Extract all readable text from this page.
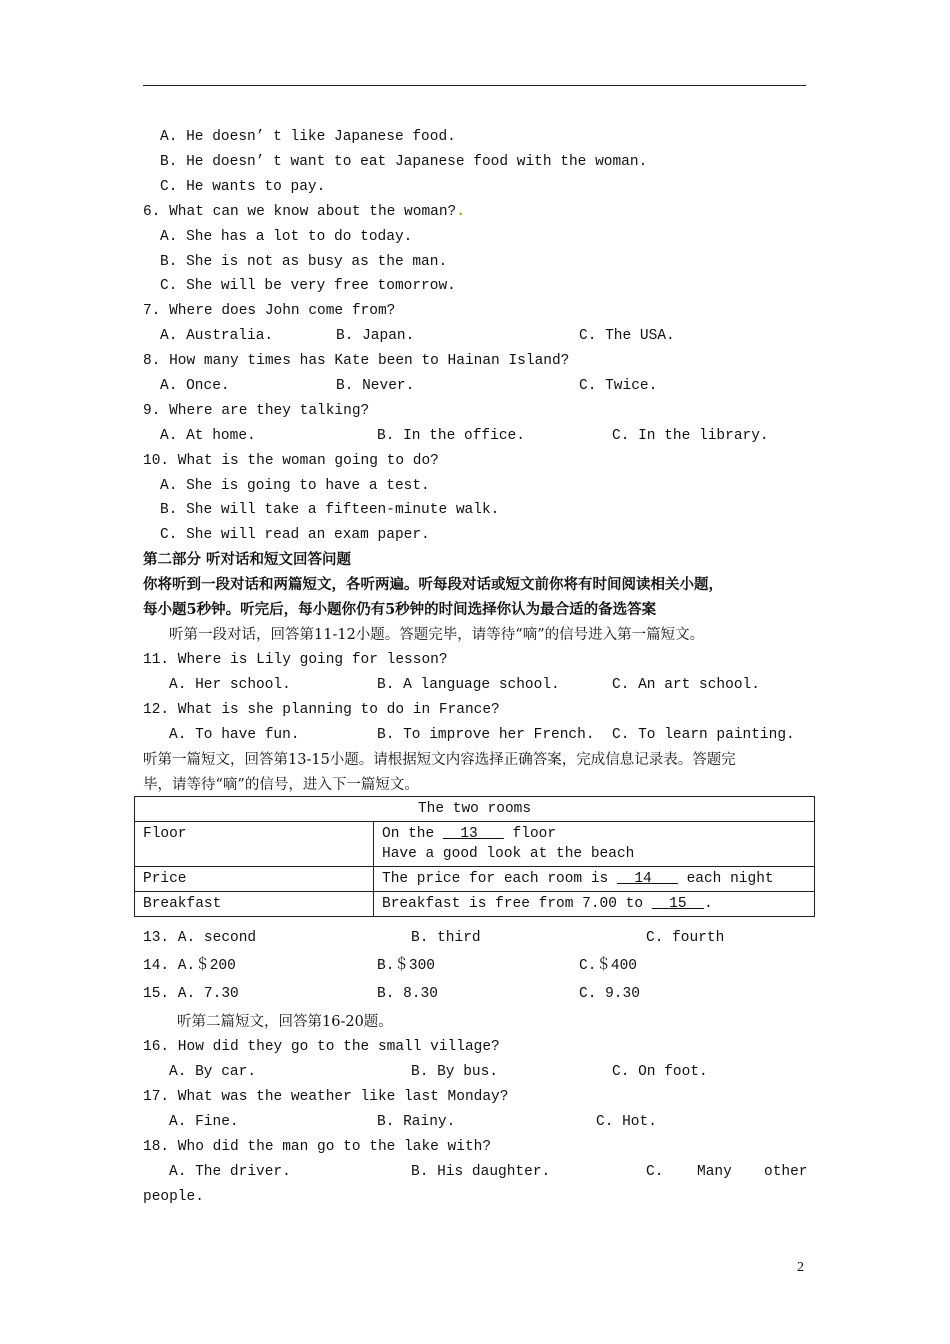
A. He doesn’ t like Japanese food.
B. He doesn’ t want to eat Japanese food with the woman.
C. He wants to pay.
6. What can we know about the woman?.
A. She has a lot to do today.
B. She is not as busy as the man.
C. She will be very free tomorrow.
7. Where does John come from?
A. Australia.	B. Japan.	C. The USA.
8. How many times has Kate been to Hainan Island?
A. Once.	B. Never.	C. Twice.
9. Where are they talking?
A. At home.	B. In the office.	C. In the library.
10. What is the woman going to do?
A. She is going to have a test.
B. She will take a fifteen-minute walk.
C. She will read an exam paper.
第二部分 听对话和短文回答问题
你将听到一段对话和两篇短文，各听两遍。听每段对话或短文前你将有时间阅读相关小题，
每小题5秒钟。听完后，每小题你仍有5秒钟的时间选择你认为最合适的备选答案
听第一段对话，回答第11-12小题。答题完毕，请等待“嘀”的信号进入第一篇短文。
11. Where is Lily going for lesson?
A. Her school.	B. A language school.	C. An art school.
12. What is she planning to do in France?
A. To have fun.	B. To improve her French. C. To learn painting.
听第一篇短文，回答第13-15小题。请根据短文内容选择正确答案，完成信息记录表。答题完
毕，请等待“嘀”的信号，进入下一篇短文。
The two rooms	
Floor	On the 13 floor
Have a good look at the beach

Price	The price for each room is 14 each night
Breakfast	Breakfast is free from 7.00 to 15 .
13. A. second	B. third	C. fourth
14. A.＄200	B.＄300	C.＄400
15. A. 7.30	B. 8.30	C. 9.30
听第二篇短文，回答第16-20题。
16. How did they go to the small village?
A. By car.	B. By bus.	C. On foot.
17. What was the weather like last Monday?
A. Fine.	B. Rainy.	C. Hot.
18. Who did the man go to the lake with?
A. The driver.	B. His daughter.	C. Many other
people.
2
